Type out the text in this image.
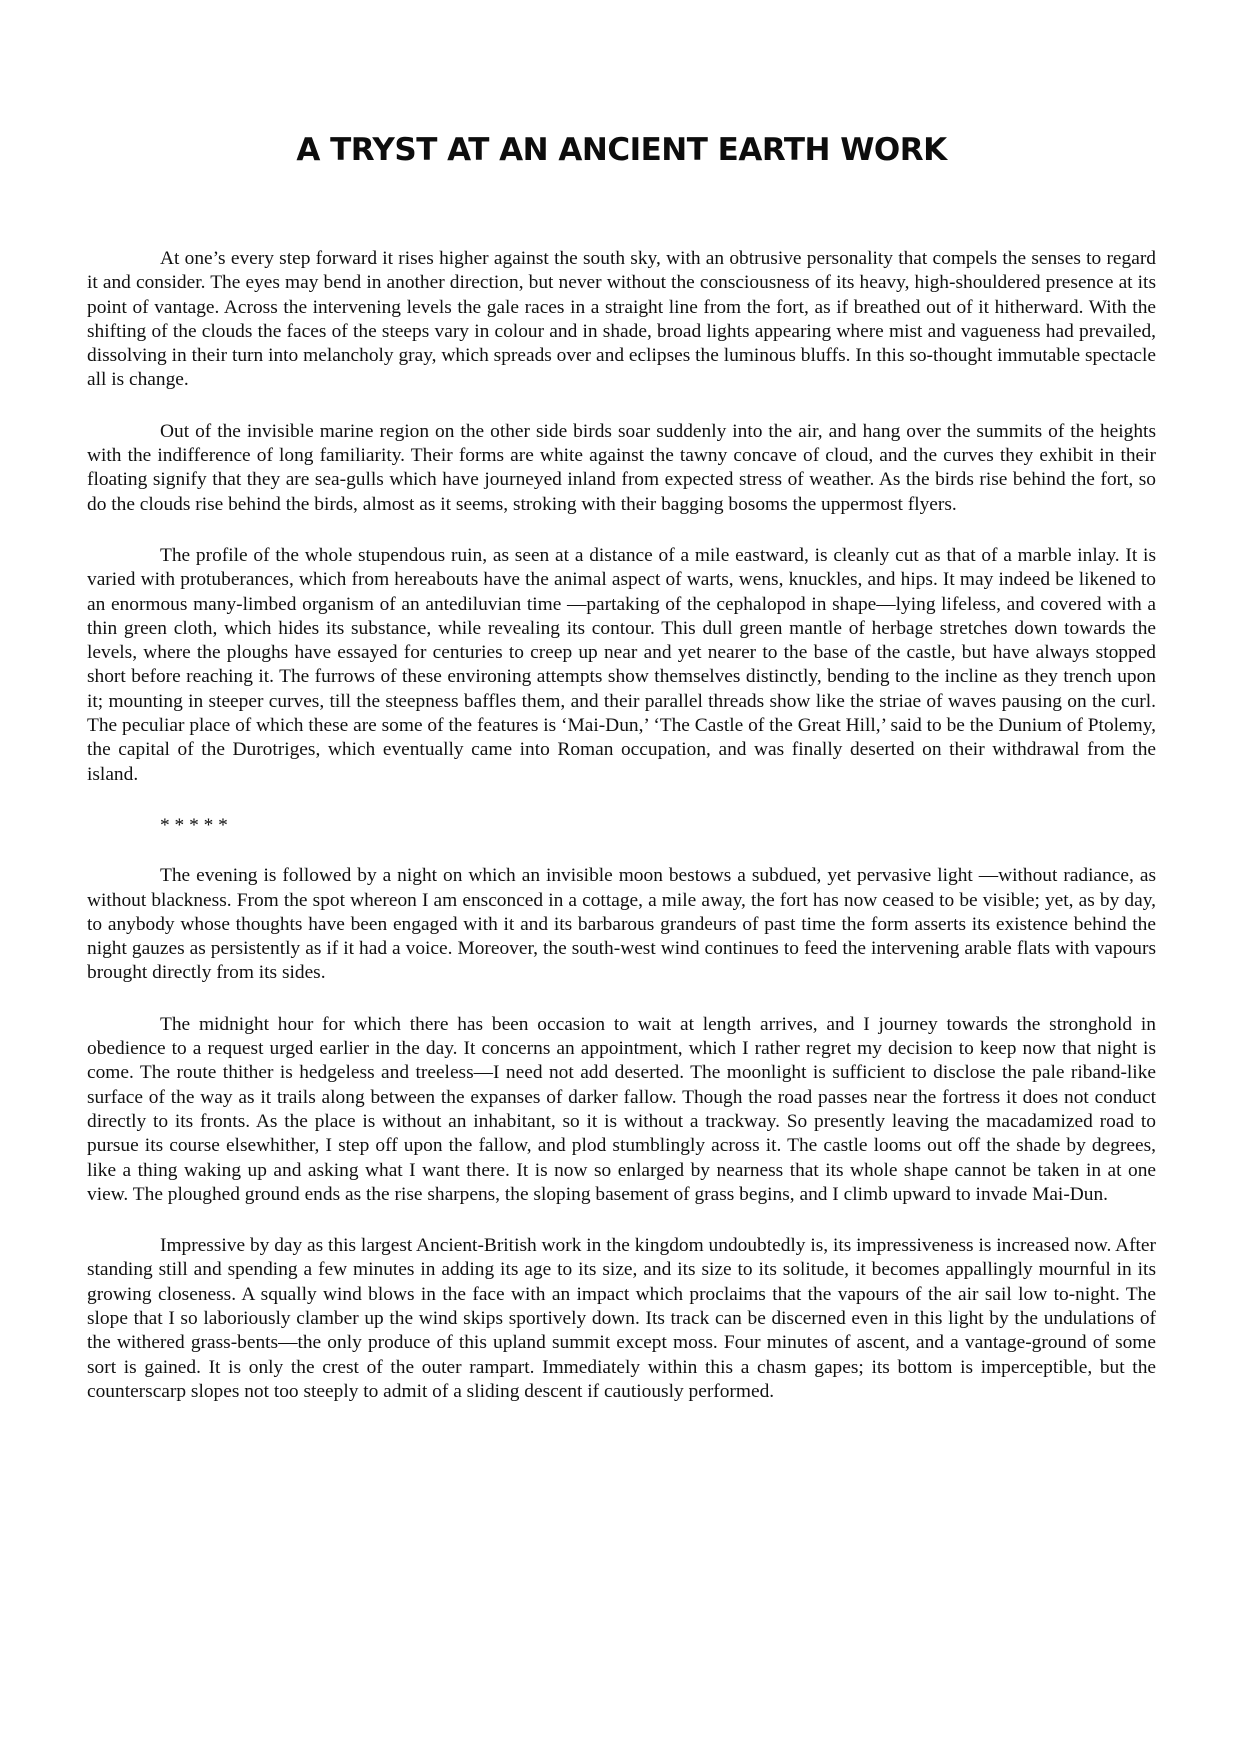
A TRYST AT AN ANCIENT EARTH WORK

At one’s every step forward it rises higher against the south sky, with an obtrusive personality that compels the senses to regard it and consider. The eyes may bend in another direction, but never without the consciousness of its heavy, high-shouldered presence at its point of vantage. Across the intervening levels the gale races in a straight line from the fort, as if breathed out of it hitherward. With the shifting of the clouds the faces of the steeps vary in colour and in shade, broad lights appearing where mist and vagueness had prevailed, dissolving in their turn into melancholy gray, which spreads over and eclipses the luminous bluffs. In this so-thought immutable spectacle all is change.

Out of the invisible marine region on the other side birds soar suddenly into the air, and hang over the summits of the heights with the indifference of long familiarity. Their forms are white against the tawny concave of cloud, and the curves they exhibit in their floating signify that they are sea-gulls which have journeyed inland from expected stress of weather. As the birds rise behind the fort, so do the clouds rise behind the birds, almost as it seems, stroking with their bagging bosoms the uppermost flyers.

The profile of the whole stupendous ruin, as seen at a distance of a mile eastward, is cleanly cut as that of a marble inlay. It is varied with protuberances, which from hereabouts have the animal aspect of warts, wens, knuckles, and hips. It may indeed be likened to an enormous many-limbed organism of an antediluvian time —partaking of the cephalopod in shape—lying lifeless, and covered with a thin green cloth, which hides its substance, while revealing its contour. This dull green mantle of herbage stretches down towards the levels, where the ploughs have essayed for centuries to creep up near and yet nearer to the base of the castle, but have always stopped short before reaching it. The furrows of these environing attempts show themselves distinctly, bending to the incline as they trench upon it; mounting in steeper curves, till the steepness baffles them, and their parallel threads show like the striae of waves pausing on the curl. The peculiar place of which these are some of the features is ‘Mai-Dun,’ ‘The Castle of the Great Hill,’ said to be the Dunium of Ptolemy, the capital of the Durotriges, which eventually came into Roman occupation, and was finally deserted on their withdrawal from the island.

* * * * *

The evening is followed by a night on which an invisible moon bestows a subdued, yet pervasive light —without radiance, as without blackness. From the spot whereon I am ensconced in a cottage, a mile away, the fort has now ceased to be visible; yet, as by day, to anybody whose thoughts have been engaged with it and its barbarous grandeurs of past time the form asserts its existence behind the night gauzes as persistently as if it had a voice. Moreover, the south-west wind continues to feed the intervening arable flats with vapours brought directly from its sides.

The midnight hour for which there has been occasion to wait at length arrives, and I journey towards the stronghold in obedience to a request urged earlier in the day. It concerns an appointment, which I rather regret my decision to keep now that night is come. The route thither is hedgeless and treeless—I need not add deserted. The moonlight is sufficient to disclose the pale riband-like surface of the way as it trails along between the expanses of darker fallow. Though the road passes near the fortress it does not conduct directly to its fronts. As the place is without an inhabitant, so it is without a trackway. So presently leaving the macadamized road to pursue its course elsewhither, I step off upon the fallow, and plod stumblingly across it. The castle looms out off the shade by degrees, like a thing waking up and asking what I want there. It is now so enlarged by nearness that its whole shape cannot be taken in at one view. The ploughed ground ends as the rise sharpens, the sloping basement of grass begins, and I climb upward to invade Mai-Dun.

Impressive by day as this largest Ancient-British work in the kingdom undoubtedly is, its impressiveness is increased now. After standing still and spending a few minutes in adding its age to its size, and its size to its solitude, it becomes appallingly mournful in its growing closeness. A squally wind blows in the face with an impact which proclaims that the vapours of the air sail low to-night. The slope that I so laboriously clamber up the wind skips sportively down. Its track can be discerned even in this light by the undulations of the withered grass-bents—the only produce of this upland summit except moss. Four minutes of ascent, and a vantage-ground of some sort is gained. It is only the crest of the outer rampart. Immediately within this a chasm gapes; its bottom is imperceptible, but the counterscarp slopes not too steeply to admit of a sliding descent if cautiously performed.
